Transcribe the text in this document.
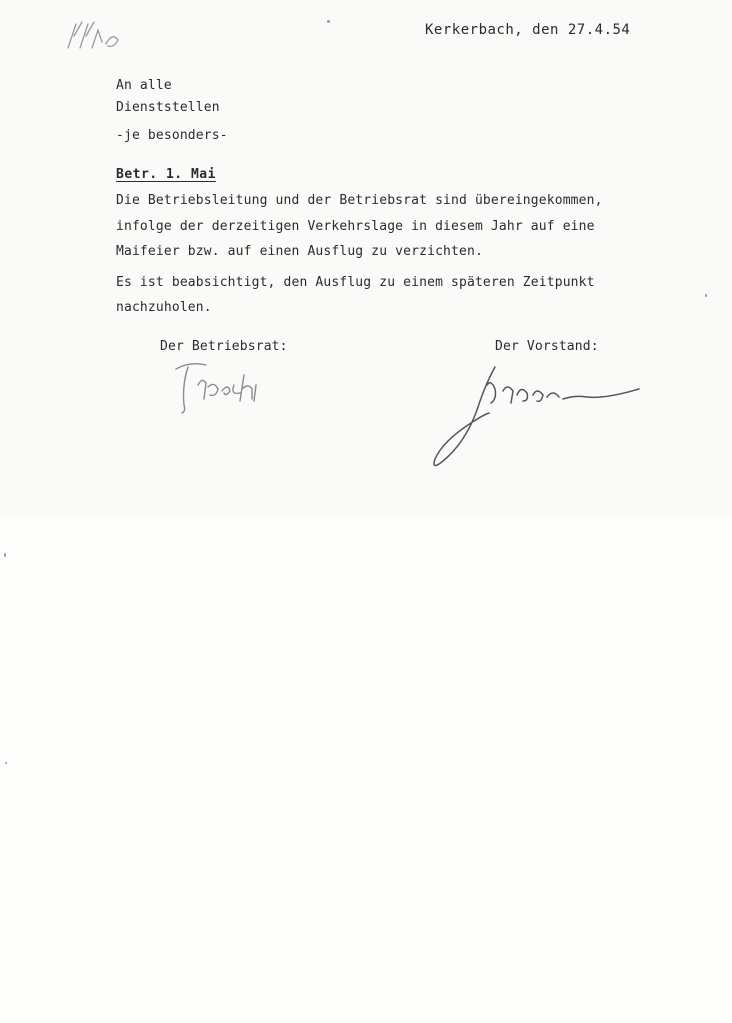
Kerkerbach, den 27.4.54
An alle
Dienststellen
-je besonders-
Betr. 1. Mai
Die Betriebsleitung und der Betriebsrat sind übereingekommen,
infolge der derzeitigen Verkehrslage in diesem Jahr auf eine
Maifeier bzw. auf einen Ausflug zu verzichten.
Es ist beabsichtigt, den Ausflug zu einem späteren Zeitpunkt
nachzuholen.
Der Betriebsrat:	Der Vorstand:
